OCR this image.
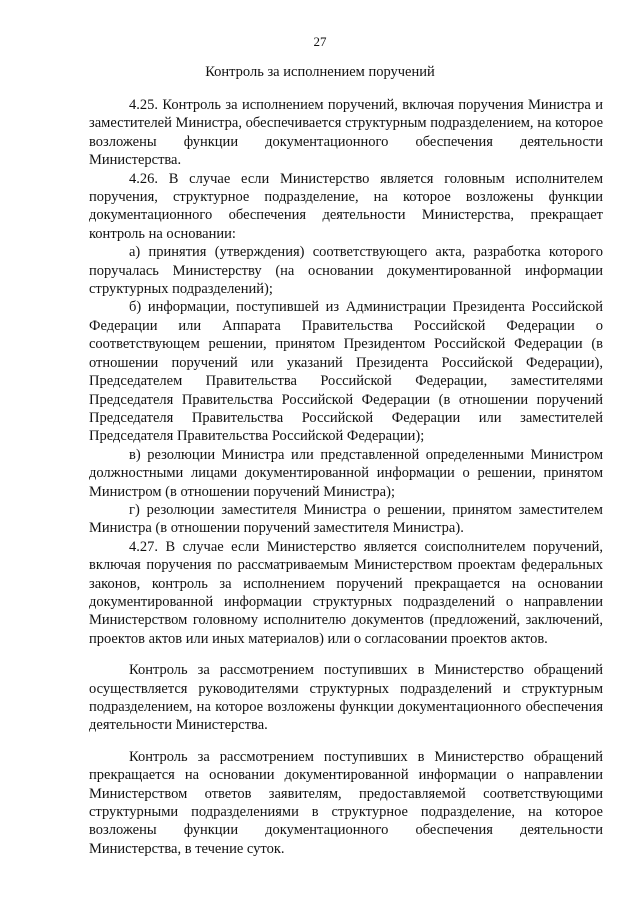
27
Контроль за исполнением поручений

4.25. Контроль за исполнением поручений, включая поручения Министра и заместителей Министра, обеспечивается структурным подразделением, на которое возложены функции документационного обеспечения деятельности Министерства.

4.26. В случае если Министерство является головным исполнителем поручения, структурное подразделение, на которое возложены функции документационного обеспечения деятельности Министерства, прекращает контроль на основании:

а) принятия (утверждения) соответствующего акта, разработка которого поручалась Министерству (на основании документированной информации структурных подразделений);

б) информации, поступившей из Администрации Президента Российской Федерации или Аппарата Правительства Российской Федерации о соответствующем решении, принятом Президентом Российской Федерации (в отношении поручений или указаний Президента Российской Федерации), Председателем Правительства Российской Федерации, заместителями Председателя Правительства Российской Федерации (в отношении поручений Председателя Правительства Российской Федерации или заместителей Председателя Правительства Российской Федерации);

в) резолюции Министра или представленной определенными Министром должностными лицами документированной информации о решении, принятом Министром (в отношении поручений Министра);

г) резолюции заместителя Министра о решении, принятом заместителем Министра (в отношении поручений заместителя Министра).

4.27. В случае если Министерство является соисполнителем поручений, включая поручения по рассматриваемым Министерством проектам федеральных законов, контроль за исполнением поручений прекращается на основании документированной информации структурных подразделений о направлении Министерством головному исполнителю документов (предложений, заключений, проектов актов или иных материалов) или о согласовании проектов актов.

Контроль за рассмотрением поступивших в Министерство обращений осуществляется руководителями структурных подразделений и структурным подразделением, на которое возложены функции документационного обеспечения деятельности Министерства.

Контроль за рассмотрением поступивших в Министерство обращений прекращается на основании документированной информации о направлении Министерством ответов заявителям, предоставляемой соответствующими структурными подразделениями в структурное подразделение, на которое возложены функции документационного обеспечения деятельности Министерства, в течение суток.
